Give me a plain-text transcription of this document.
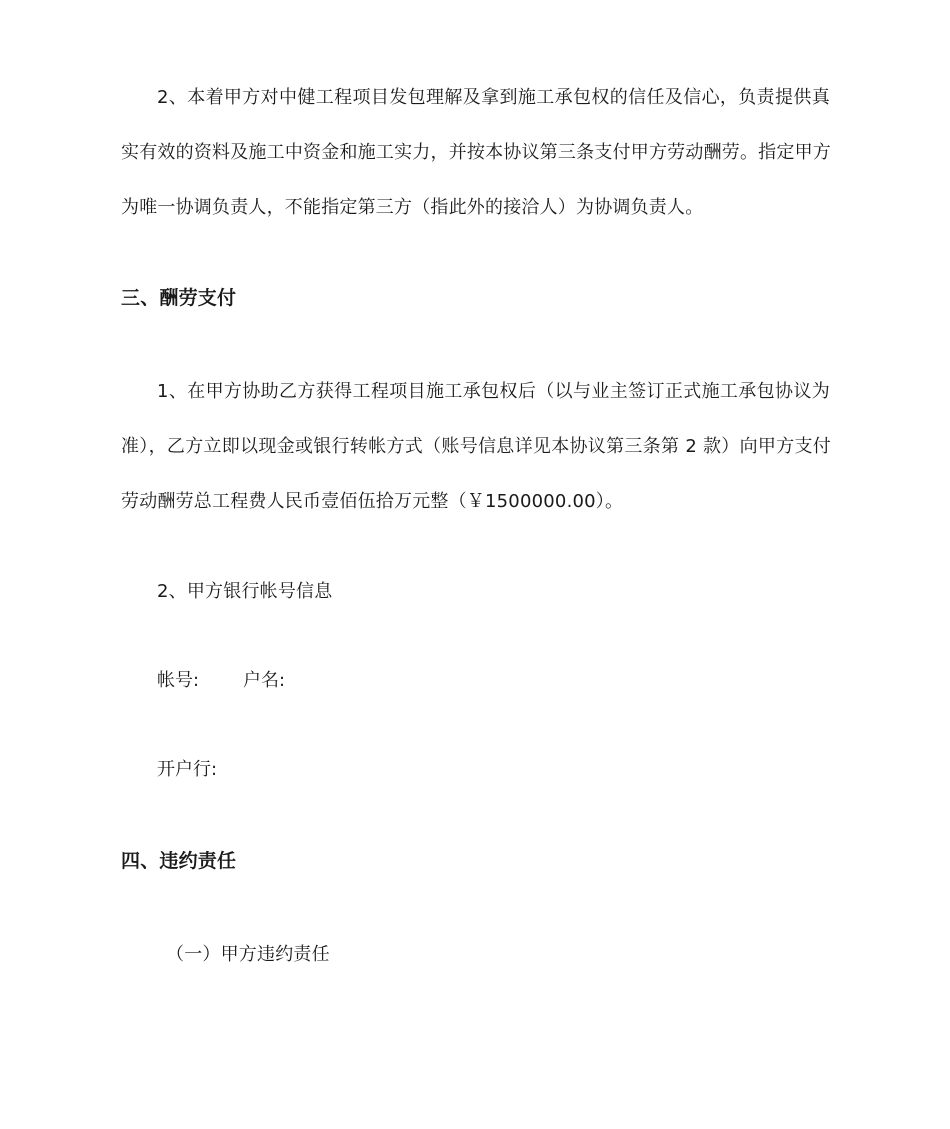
2、本着甲方对中健工程项目发包理解及拿到施工承包权的信任及信心，负责提供真
实有效的资料及施工中资金和施工实力，并按本协议第三条支付甲方劳动酬劳。指定甲方
为唯一协调负责人，不能指定第三方（指此外的接洽人）为协调负责人。
三、酬劳支付
1、在甲方协助乙方获得工程项目施工承包权后（以与业主签订正式施工承包协议为
准），乙方立即以现金或银行转帐方式（账号信息详见本协议第三条第 2 款）向甲方支付
劳动酬劳总工程费人民币壹佰伍拾万元整（￥1500000.00）。
2、甲方银行帐号信息
帐号: 户名:
开户行:
四、违约责任
（一）甲方违约责任
